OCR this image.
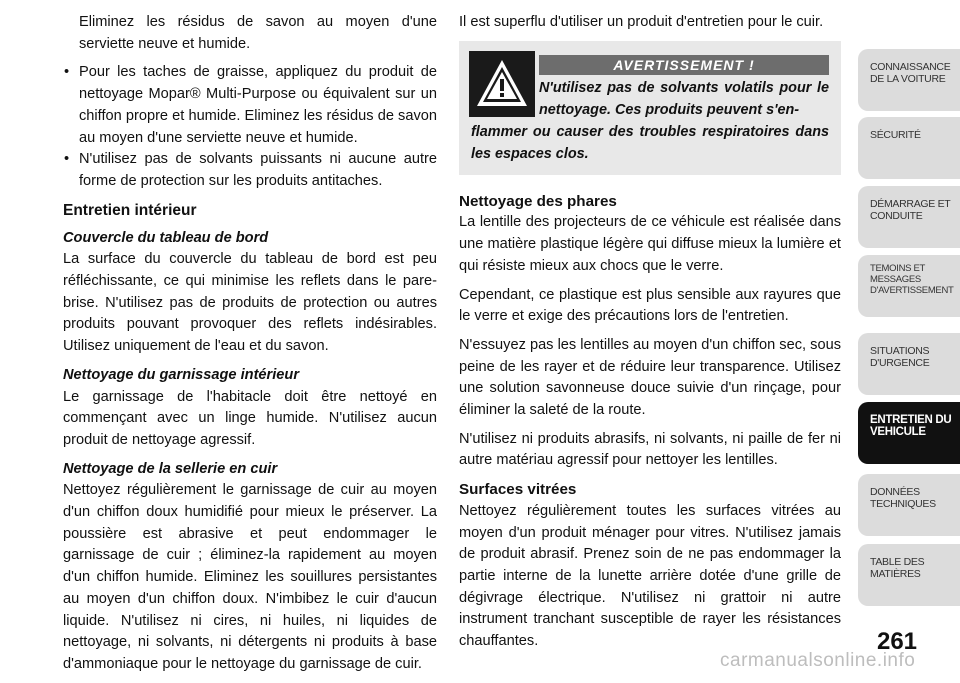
Eliminez les résidus de savon au moyen d'une serviette neuve et humide.

• Pour les taches de graisse, appliquez du produit de nettoyage Mopar® Multi-Purpose ou équivalent sur un chiffon propre et humide. Eliminez les résidus de savon au moyen d'une serviette neuve et humide.
• N'utilisez pas de solvants puissants ni aucune autre forme de protection sur les produits antitaches.
Entretien intérieur
Couvercle du tableau de bord

La surface du couvercle du tableau de bord est peu réfléchissante, ce qui minimise les reflets dans le pare-brise. N'utilisez pas de produits de protection ou autres produits pouvant provoquer des reflets indésirables. Utilisez uniquement de l'eau et du savon.

Nettoyage du garnissage intérieur

Le garnissage de l'habitacle doit être nettoyé en commençant avec un linge humide. N'utilisez aucun produit de nettoyage agressif.

Nettoyage de la sellerie en cuir

Nettoyez régulièrement le garnissage de cuir au moyen d'un chiffon doux humidifié pour mieux le préserver. La poussière est abrasive et peut endommager le garnissage de cuir ; éliminez-la rapidement au moyen d'un chiffon humide. Eliminez les souillures persistantes au moyen d'un chiffon doux. N'imbibez le cuir d'aucun liquide. N'utilisez ni cires, ni huiles, ni liquides de nettoyage, ni solvants, ni détergents ni produits à base d'ammoniaque pour le nettoyage du garnissage de cuir.

Il est superflu d'utiliser un produit d'entretien pour le cuir.

AVERTISSEMENT !
N'utilisez pas de solvants volatils pour le nettoyage. Ces produits peuvent s'en-
flammer ou causer des troubles respiratoires dans les espaces clos.
Nettoyage des phares

La lentille des projecteurs de ce véhicule est réalisée dans une matière plastique légère qui diffuse mieux la lumière et qui résiste mieux aux chocs que le verre.

Cependant, ce plastique est plus sensible aux rayures que le verre et exige des précautions lors de l'entretien.

N'essuyez pas les lentilles au moyen d'un chiffon sec, sous peine de les rayer et de réduire leur transparence. Utilisez une solution savonneuse douce suivie d'un rinçage, pour éliminer la saleté de la route.

N'utilisez ni produits abrasifs, ni solvants, ni paille de fer ni autre matériau agressif pour nettoyer les lentilles.

Surfaces vitrées

Nettoyez régulièrement toutes les surfaces vitrées au moyen d'un produit ménager pour vitres. N'utilisez jamais de produit abrasif. Prenez soin de ne pas endommager la partie interne de la lunette arrière dotée d'une grille de dégivrage électrique. N'utilisez ni grattoir ni autre instrument tranchant susceptible de rayer les résistances chauffantes.

CONNAISSANCE DE LA VOITURE
SÉCURITÉ
DÉMARRAGE ET CONDUITE
TEMOINS ET MESSAGES D'AVERTISSEMENT
SITUATIONS D'URGENCE
ENTRETIEN DU VEHICULE
DONNÉES TECHNIQUES
TABLE DES MATIÈRES
261
carmanualsonline.info
